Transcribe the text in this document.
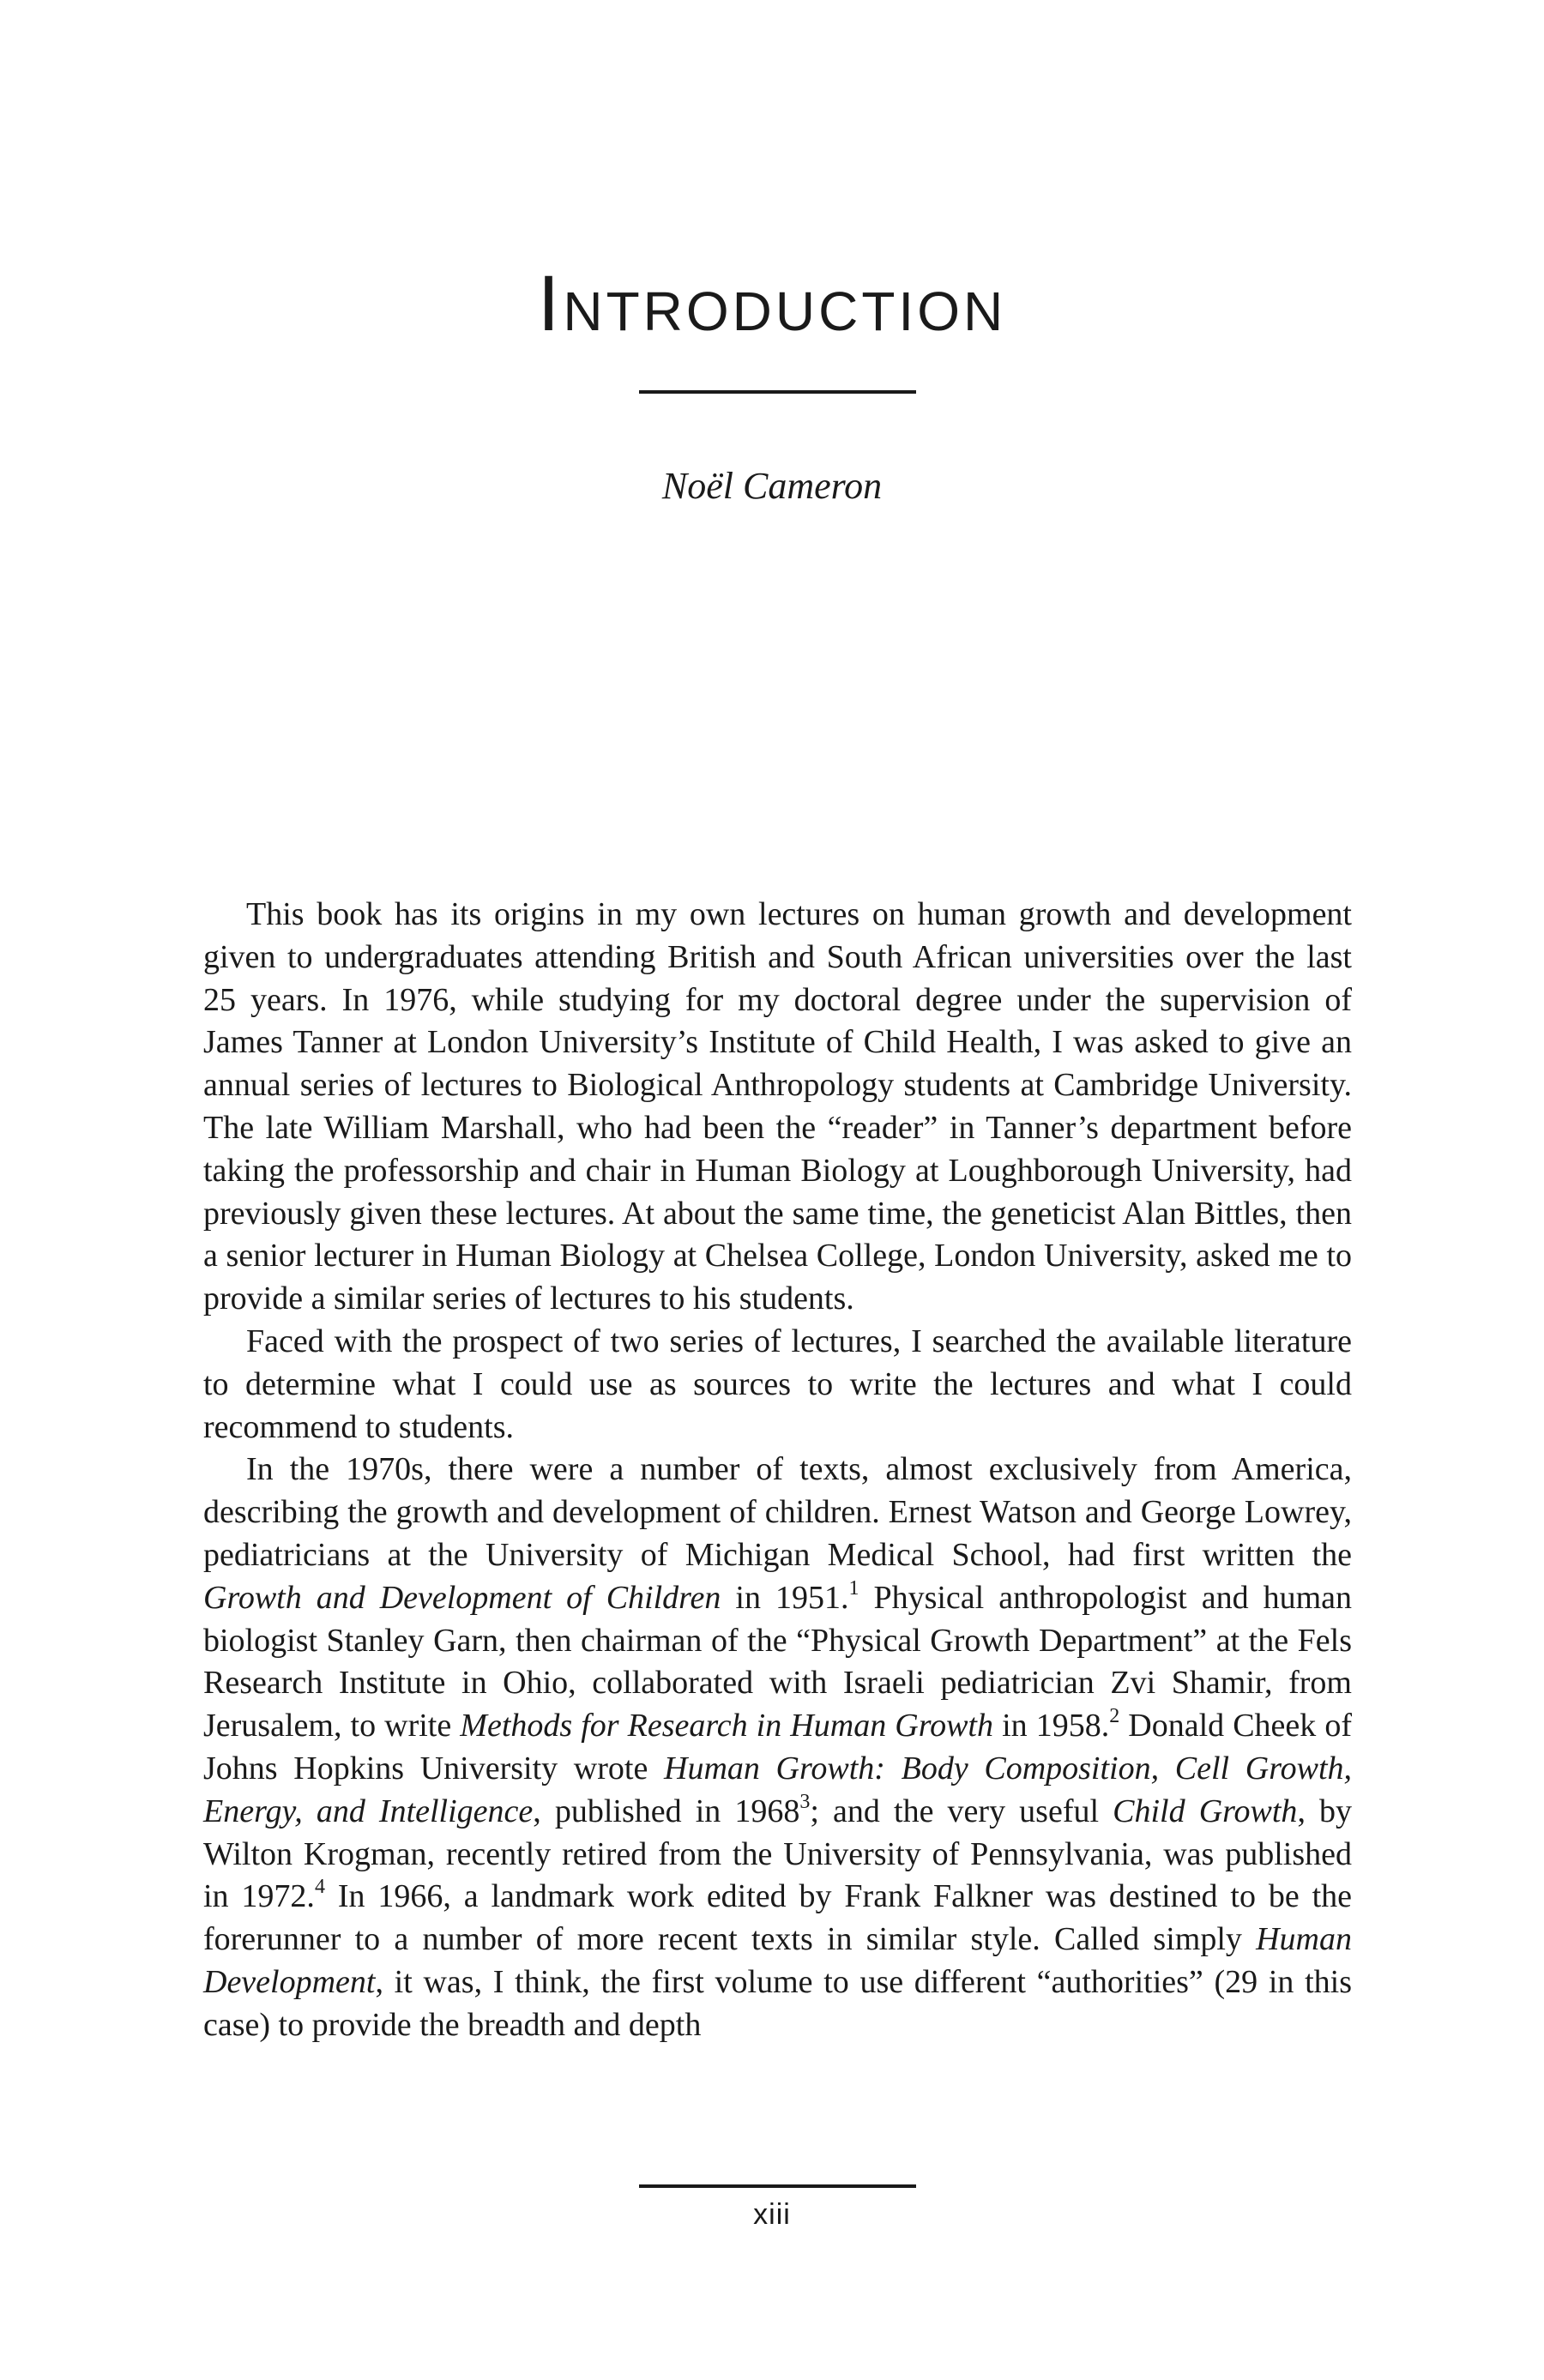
Introduction
Noël Cameron

This book has its origins in my own lectures on human growth and development given to undergraduates attending British and South African universities over the last 25 years. In 1976, while studying for my doctoral degree under the supervision of James Tanner at London University’s Institute of Child Health, I was asked to give an annual series of lectures to Biological Anthropology students at Cambridge University. The late William Marshall, who had been the “reader” in Tanner’s department before taking the professorship and chair in Human Biology at Loughborough University, had previously given these lectures. At about the same time, the geneticist Alan Bittles, then a senior lecturer in Human Biology at Chelsea College, London University, asked me to provide a similar series of lectures to his students.

Faced with the prospect of two series of lectures, I searched the available literature to determine what I could use as sources to write the lectures and what I could recommend to students.

In the 1970s, there were a number of texts, almost exclusively from America, describing the growth and development of children. Ernest Watson and George Lowrey, pediatricians at the University of Michigan Medical School, had first written the Growth and Development of Children in 1951.$^1$ Physical anthropologist and human biologist Stanley Garn, then chairman of the “Physical Growth Department” at the Fels Research Institute in Ohio, collaborated with Israeli pediatrician Zvi Shamir, from Jerusalem, to write Methods for Research in Human Growth in 1958.$^2$ Donald Cheek of Johns Hopkins University wrote Human Growth: Body Composition, Cell Growth, Energy, and Intelligence, published in 1968$^3$; and the very useful Child Growth, by Wilton Krogman, recently retired from the University of Pennsylvania, was published in 1972.$^4$ In 1966, a landmark work edited by Frank Falkner was destined to be the forerunner to a number of more recent texts in similar style. Called simply Human Development, it was, I think, the first volume to use different “authorities” (29 in this case) to provide the breadth and depth

xiii
